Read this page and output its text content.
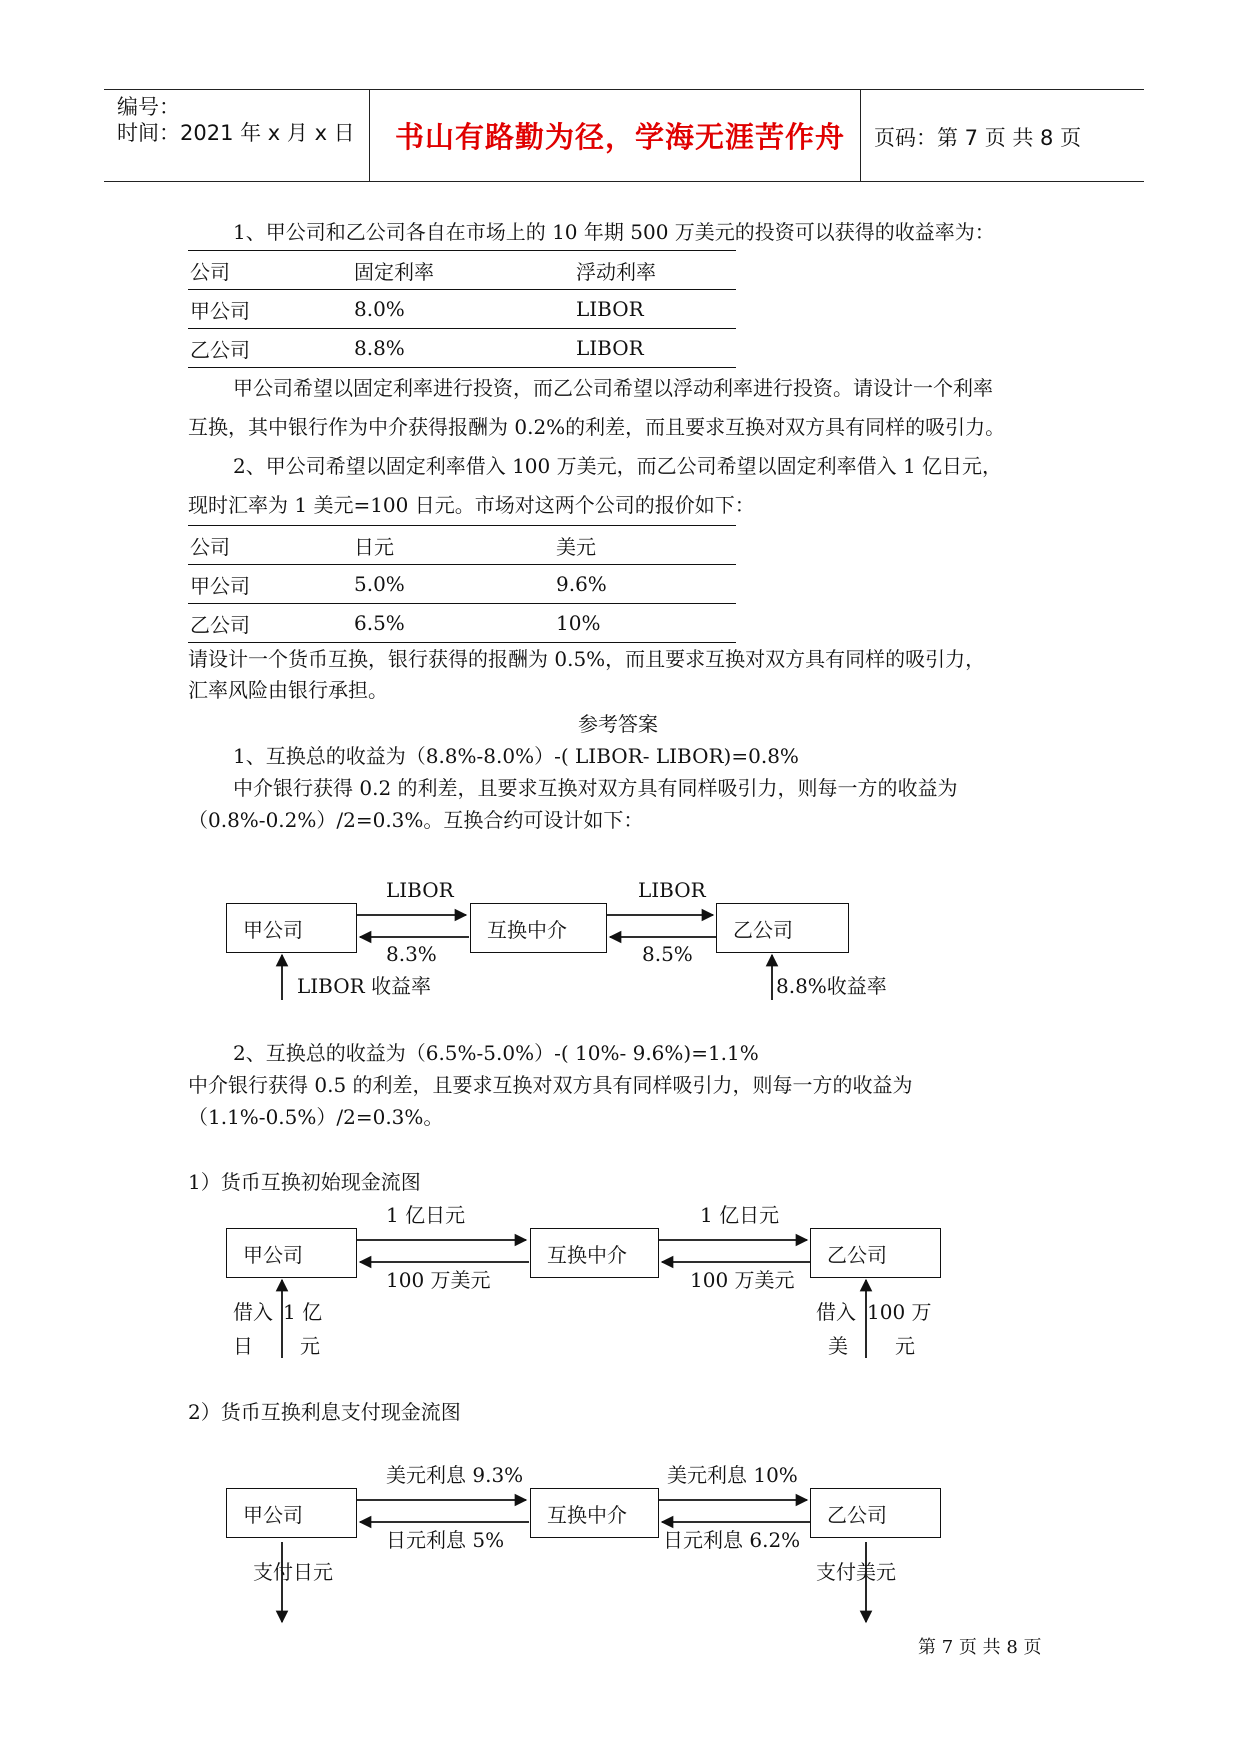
编号：
时间：2021 年 x 月 x 日 书山有路勤为径，学海无涯苦作舟 页码：第 7 页 共 8 页
1、甲公司和乙公司各自在市场上的 10 年期 500 万美元的投资可以获得的收益率为：
公司	固定利率	浮动利率
甲公司	8.0%	LIBOR
乙公司	8.8%	LIBOR
甲公司希望以固定利率进行投资，而乙公司希望以浮动利率进行投资。请设计一个利率
互换，其中银行作为中介获得报酬为 0.2%的利差，而且要求互换对双方具有同样的吸引力。
2、甲公司希望以固定利率借入 100 万美元，而乙公司希望以固定利率借入 1 亿日元，
现时汇率为 1 美元=100 日元。市场对这两个公司的报价如下：
公司	日元	美元
甲公司	5.0%	9.6%
乙公司	6.5%	10%
请设计一个货币互换，银行获得的报酬为 0.5%，而且要求互换对双方具有同样的吸引力，
汇率风险由银行承担。
参考答案
1、互换总的收益为（8.8%-8.0%）-( LIBOR- LIBOR)=0.8%
中介银行获得 0.2 的利差，且要求互换对双方具有同样吸引力，则每一方的收益为
（0.8%-0.2%）/2=0.3%。互换合约可设计如下：
甲公司	互换中介	乙公司
LIBOR	LIBOR
8.3%	8.5%
LIBOR 收益率	8.8%收益率
2、互换总的收益为（6.5%-5.0%）-( 10%- 9.6%)=1.1%
中介银行获得 0.5 的利差，且要求互换对双方具有同样吸引力，则每一方的收益为
（1.1%-0.5%）/2=0.3%。
1）货币互换初始现金流图
甲公司	互换中介	乙公司
1 亿日元	1 亿日元
100 万美元	100 万美元
借入 1 亿
日 元
借入 100 万
美 元
2）货币互换利息支付现金流图
甲公司	互换中介	乙公司
美元利息 9.3%	美元利息 10%
日元利息 5%	日元利息 6.2%
支付日元	支付美元
第 7 页 共 8 页
